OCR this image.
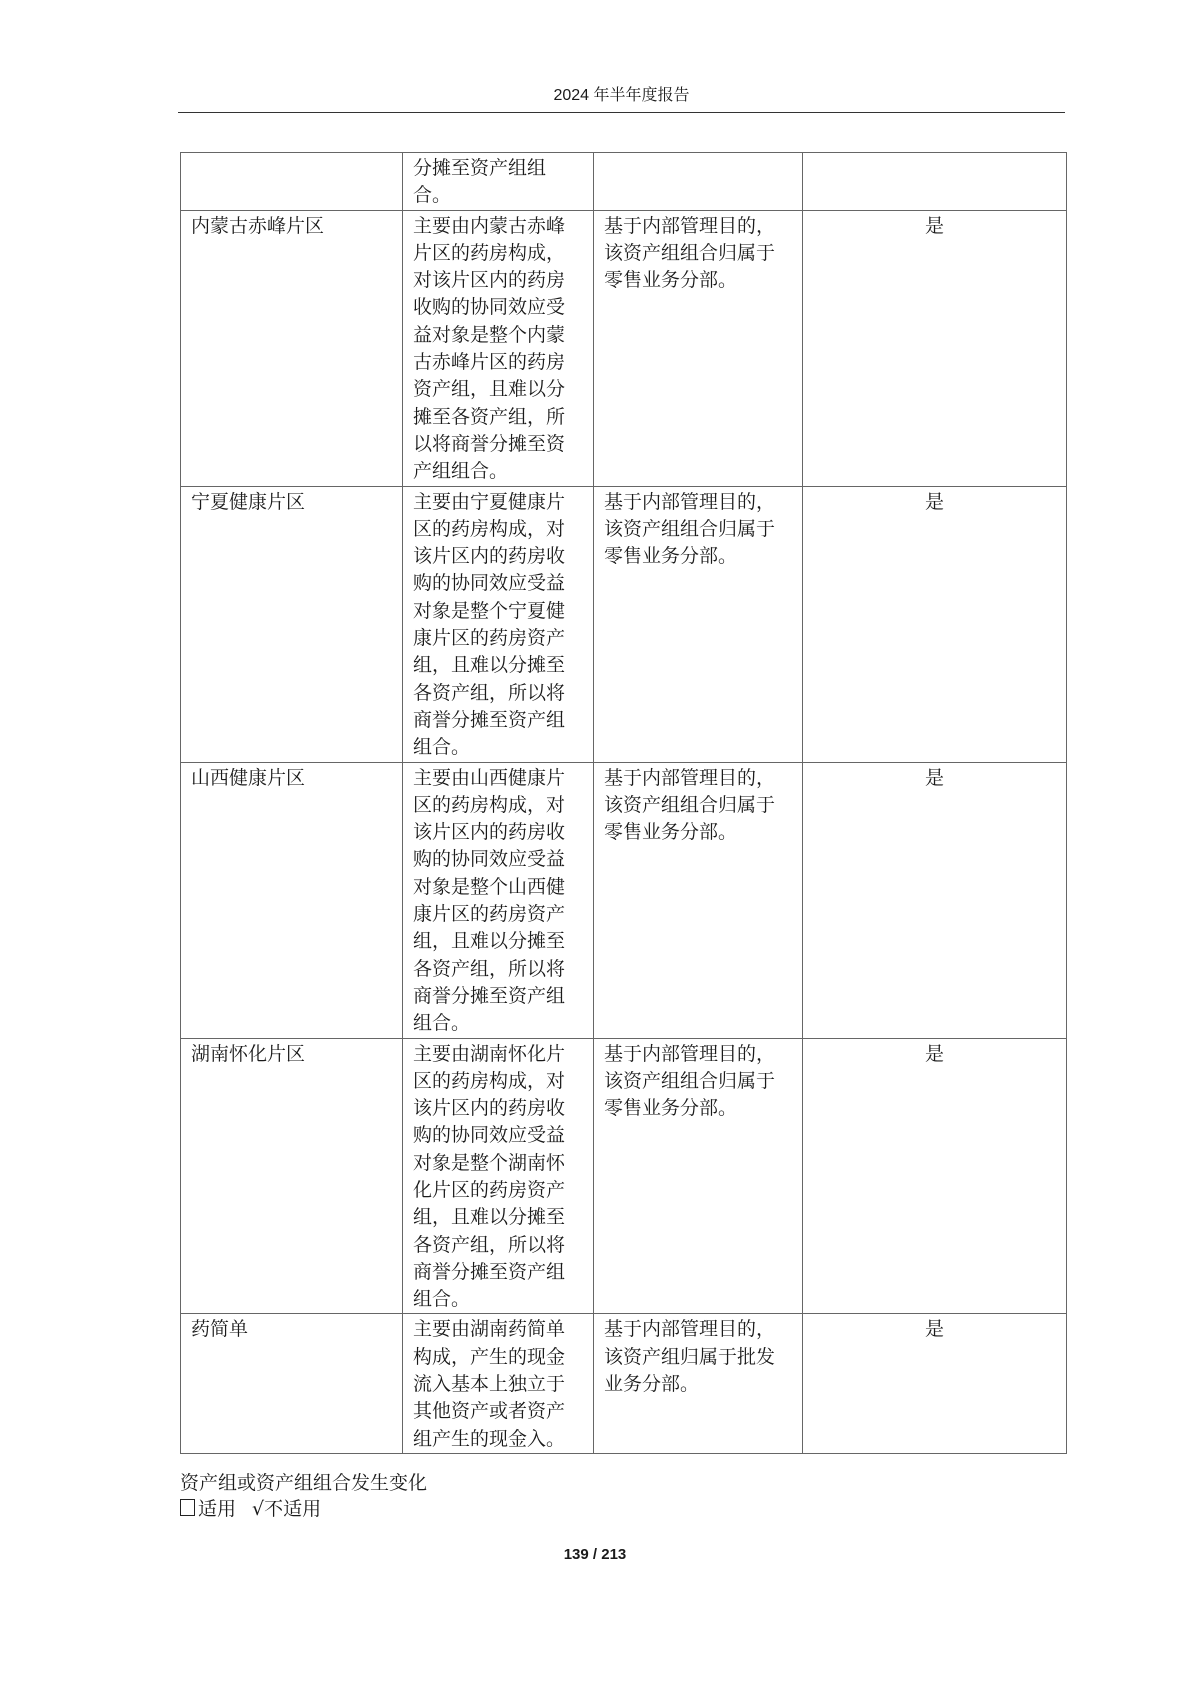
2024 年半年度报告
	分摊至资产组组合。		
内蒙古赤峰片区	主要由内蒙古赤峰片区的药房构成，对该片区内的药房收购的协同效应受益对象是整个内蒙古赤峰片区的药房资产组，且难以分摊至各资产组，所以将商誉分摊至资产组组合。	基于内部管理目的，该资产组组合归属于零售业务分部。	是
宁夏健康片区	主要由宁夏健康片区的药房构成，对该片区内的药房收购的协同效应受益对象是整个宁夏健康片区的药房资产组，且难以分摊至各资产组，所以将商誉分摊至资产组组合。	基于内部管理目的，该资产组组合归属于零售业务分部。	是
山西健康片区	主要由山西健康片区的药房构成，对该片区内的药房收购的协同效应受益对象是整个山西健康片区的药房资产组，且难以分摊至各资产组，所以将商誉分摊至资产组组合。	基于内部管理目的，该资产组组合归属于零售业务分部。	是
湖南怀化片区	主要由湖南怀化片区的药房构成，对该片区内的药房收购的协同效应受益对象是整个湖南怀化片区的药房资产组，且难以分摊至各资产组，所以将商誉分摊至资产组组合。	基于内部管理目的，该资产组组合归属于零售业务分部。	是
药简单	主要由湖南药简单构成，产生的现金流入基本上独立于其他资产或者资产组产生的现金入。	基于内部管理目的，该资产组归属于批发业务分部。	是
资产组或资产组组合发生变化
适用 √不适用
139 / 213
